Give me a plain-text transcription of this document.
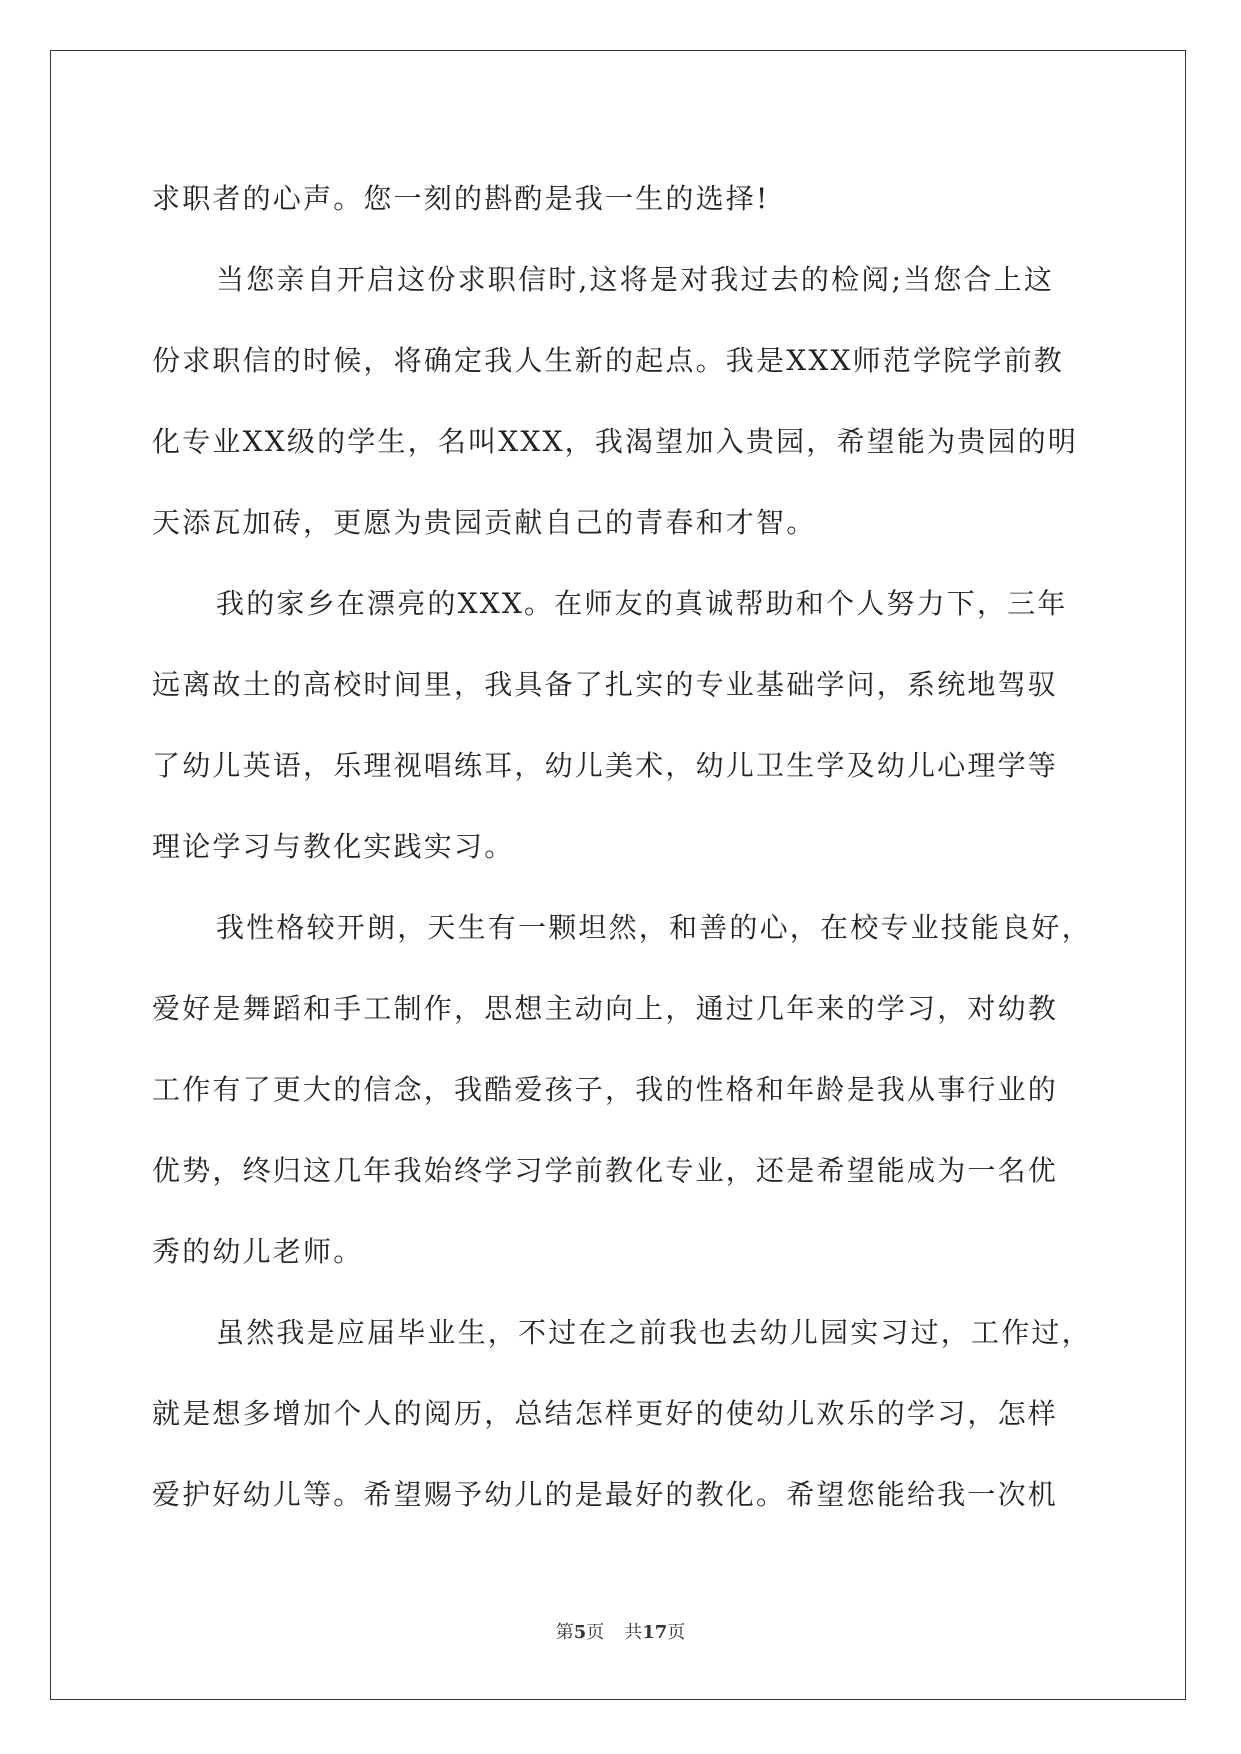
求职者的心声。您一刻的斟酌是我一生的选择!
当您亲自开启这份求职信时,这将是对我过去的检阅;当您合上这
份求职信的时候，将确定我人生新的起点。我是XXX师范学院学前教
化专业XX级的学生，名叫XXX，我渴望加入贵园，希望能为贵园的明
天添瓦加砖，更愿为贵园贡献自己的青春和才智。
我的家乡在漂亮的XXX。在师友的真诚帮助和个人努力下，三年
远离故土的高校时间里，我具备了扎实的专业基础学问，系统地驾驭
了幼儿英语，乐理视唱练耳，幼儿美术，幼儿卫生学及幼儿心理学等
理论学习与教化实践实习。
我性格较开朗，天生有一颗坦然，和善的心，在校专业技能良好，
爱好是舞蹈和手工制作，思想主动向上，通过几年来的学习，对幼教
工作有了更大的信念，我酷爱孩子，我的性格和年龄是我从事行业的
优势，终归这几年我始终学习学前教化专业，还是希望能成为一名优
秀的幼儿老师。
虽然我是应届毕业生，不过在之前我也去幼儿园实习过，工作过，
就是想多增加个人的阅历，总结怎样更好的使幼儿欢乐的学习，怎样
爱护好幼儿等。希望赐予幼儿的是最好的教化。希望您能给我一次机
第5页 共17页
